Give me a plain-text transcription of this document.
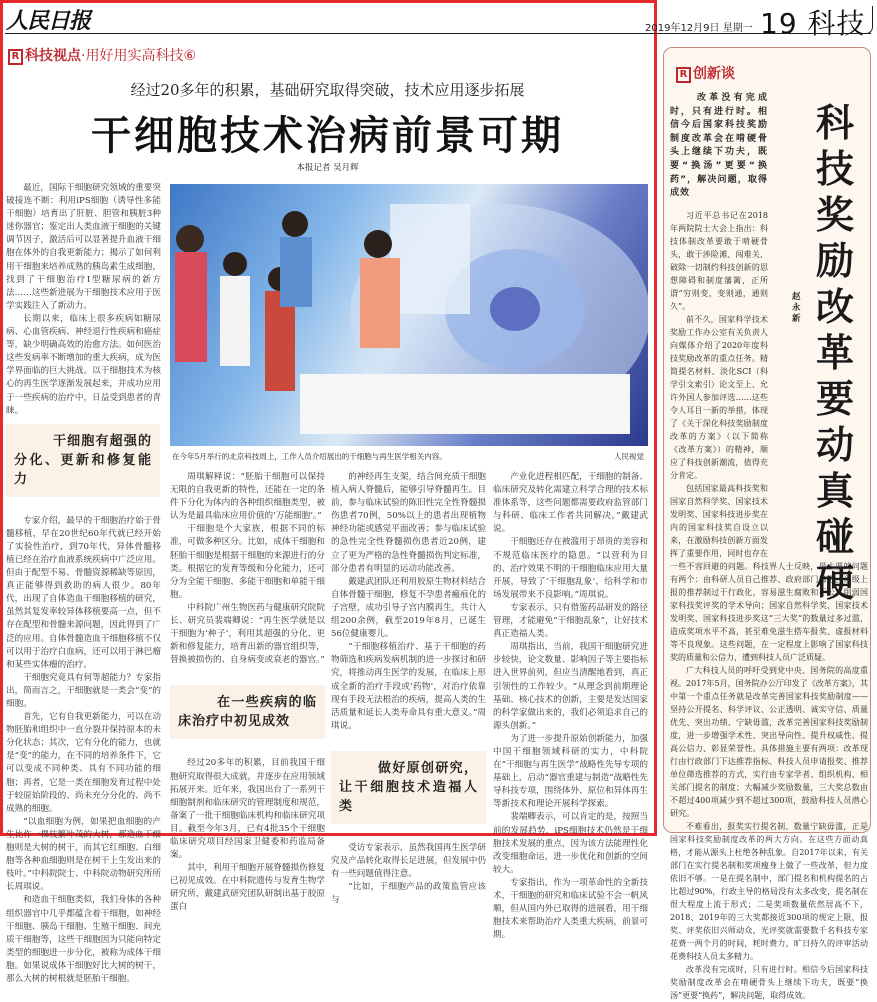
人民日报	2019年12月9日 星期一 19 科技
R 科技视点·用好用实高科技⑥
经过20多年的积累，基础研究取得突破，技术应用逐步拓展
干细胞技术治病前景可期
本报记者 吴月辉

最近，国际干细胞研究领域的重要突破接连不断：利用iPS细胞（诱导性多能干细胞）培育出了肝脏、胆管和胰脏3种迷你器官；鉴定出人类血液干细胞的关键调节因子，激活后可以显著提升血液干细胞在体外的自我更新能力；揭示了如何利用干细胞来培养成熟的胰岛素生成细胞，找到了干细胞治疗Ⅰ型糖尿病的新方法……这些新进展为干细胞技术应用于医学实践注入了新动力。

长期以来，临床上很多疾病如糖尿病、心血管疾病、神经退行性疾病和癌症等，缺少明确高效的治愈方法。如何医治这些发病率不断增加的重大疾病，成为医学界面临的巨大挑战。以干细胞技术为核心的再生医学逐渐发展起来，并成功应用于一些疾病的治疗中，日益受到患者的青睐。

干细胞有超强的分化、更新和修复能力

专家介绍，最早的干细胞治疗始于骨髓移植，早在20世纪60年代就已经开始了实验性治疗，到70年代，异体骨髓移植已经在治疗血液系统疾病中广泛应用。但由于配型不易、骨髓资源稀缺等原因，真正能够得到救助的病人很少。80年代，出现了自体造血干细胞移植的研究，虽然其复发率较异体移植要高一点，但不存在配型和骨髓来源问题，因此得到了广泛的应用。自体骨髓造血干细胞移植不仅可以用于治疗白血病，还可以用于淋巴瘤和某些实体瘤的治疗。

干细胞究竟具有何等超能力？专家指出，简而言之，干细胞就是一类会“变”的细胞。

首先，它有自我更新能力，可以在动物胚胎和组织中一直分裂并保持原本的未分化状态；其次，它有分化的能力，也就是“变”的能力，在不同的培养条件下，它可以变成不同种类、具有不同功能的细胞；再者，它是一类在细胞发育过程中处于较原始阶段的、尚未充分分化的、尚不成熟的细胞。

“以血细胞为例，如果把血细胞的产生比作一棵枝繁叶茂的大树，那造血干细胞则是大树的树干，而其它红细胞、白细胞等各种血细胞则是在树干上生发出来的枝叶。”中科院院士、中科院动物研究所所长周琪说。

和造血干细胞类似，我们身体的各种组织器官中几乎都蕴含着干细胞，如神经干细胞、胰岛干细胞、生殖干细胞、间充质干细胞等，这些干细胞因为只能向特定类型的细胞进一步分化，被称为成体干细胞。如果说成体干细胞好比大树的树干，那么大树的树根就是胚胎干细胞。

在今年5月举行的北京科技周上，工作人员介绍展出的干细胞与再生医学相关内容。	人民视觉

周琪解释说：“胚胎干细胞可以保持无限的自我更新的特性，还能在一定的条件下分化为体内的各种组织细胞类型，被认为是最具临床应用价值的‘万能细胞’。”

干细胞是个大家族，根据不同的标准，可做多种区分。比如，成体干细胞和胚胎干细胞是根据干细胞的来源进行的分类。根据它的发育等级和分化能力，还可分为全能干细胞、多能干细胞和单能干细胞。

中科院广州生物医药与健康研究院院长、研究员裴端卿说：“再生医学就是以干细胞为‘种子’，利用其超强的分化、更新和修复能力，培育出新的器官组织等，替换被损伤的、自身病变或衰老的器官。”

在一些疾病的临床治疗中初见成效

经过20多年的积累，目前我国干细胞研究取得很大成就，并逐步在应用领域拓展开来。近年来，我国出台了一系列干细胞制剂和临床研究的管理制度和规范，备案了一批干细胞临床机构和临床研究项目。截至今年3月，已有4批35个干细胞临床研究项目经国家卫健委和药监局备案。

其中，利用干细胞开展脊髓损伤修复已初见成效。在中科院遗传与发育生物学研究所，戴建武研究团队研制出基于胶原蛋白

的神经再生支架，结合间充质干细胞植入病人脊髓后，能够引导脊髓再生。目前，参与临床试验的陈旧性完全性脊髓损伤患者70例，50%以上的患者出现植物神经功能或感觉平面改善；参与临床试验的急性完全性脊髓损伤患者近20例，建立了更为严格的急性脊髓损伤判定标准，部分患者有明显的运动功能改善。

戴建武团队还利用胶原生物材料结合自体骨髓干细胞，修复不孕患者瘢痕化的子宫壁，成功引导子宫内膜再生，共计入组200余例，截至2019年8月，已诞生56位健康婴儿。

“干细胞移植治疗、基于干细胞的药物筛选和疾病发病机制的进一步探讨和研究，将推动再生医学的发展，在临床上形成全新的治疗手段或‘药物’，对治疗依靠现有手段无法根治的疾病，提高人类的生活质量和延长人类寿命具有重大意义。”周琪说。

做好原创研究，让干细胞技术造福人类

受访专家表示，虽然我国再生医学研究及产品转化取得长足进展，但发展中仍有一些问题值得注意。

“比如，干细胞产品的政策监管应该与

产业化进程相匹配，干细胞的制备、临床研究及转化需建立科学合理的技术标准体系等，这些问题都需要政府监管部门与科研、临床工作者共同解决。”戴建武说。

干细胞还存在被滥用于昂贵的美容和不规范临床医疗的隐患。“以营利为目的、治疗效果不明的干细胞临床应用大量开展，导致了‘干细胞乱象’，给科学和市场发展带来不良影响。”周琪说。

专家表示，只有借鉴药品研发的路径管理，才能避免“干细胞乱象”，让好技术真正造福人类。

周琪指出，当前，我国干细胞研究进步较快，论文数量、影响因子等主要指标进入世界前列，但应当清醒地看到，真正引领性的工作较少。“从理念到前期理论基础、核心技术的创新，主要是发达国家的科学家做出来的，我们必须追求自己的源头创新。”

为了进一步提升原始创新能力，加强中国干细胞领域科研的实力，中科院在“干细胞与再生医学”战略性先导专项的基础上，启动“器官重建与制造”战略性先导科技专项，围绕体外、原位和异体再生等新技术和理论开展科学探索。

裴端卿表示，可以肯定的是，按照当前的发展趋势，iPS细胞技术仍然是干细胞技术发展的重点，因为该方法能理性化改变细胞命运，进一步优化和创新的空间较大。

专家指出，作为一项革命性的全新技术，干细胞的研究和临床试验不会一帆风顺，但从国内外已取得的进展看，用干细胞技术来帮助治疗人类重大疾病，前景可期。

R 创新谈
科技奖励改革要动真碰硬
赵永新
改革没有完成时，只有进行时。相信今后国家科技奖励制度改革会在啃硬骨头上继续下功夫，既要“换汤”更要“换药”，解决问题，取得成效

习近平总书记在2018年两院院士大会上指出：科技体制改革要敢于啃硬骨头，敢于涉险滩、闯难关，破除一切制约科技创新的思想障碍和制度藩篱，正所谓“穷则变，变则通，通则久”。

前不久，国家科学技术奖励工作办公室有关负责人向媒体介绍了2020年度科技奖励改革的重点任务。精简提名材料、淡化SCI（科学引文索引）论文至上、允许外国人参加评选……这些令人耳目一新的举措，体现了《关于深化科技奖励制度改革的方案》（以下简称《改革方案》）的精神，顺应了科技创新潮流，值得充分肯定。

包括国家最高科技奖和国家自然科学奖、国家技术发明奖、国家科技进步奖在内的国家科技奖自设立以来，在激励科技创新方面发挥了重要作用，同时也存在一些不容回避的问题。科技界人士反映，最主要的问题有两个：由科研人员自己推荐、政府部门筛选、逐级上报的推荐制过于行政化，容易滋生腐败和不公，削弱国家科技奖评奖的学术导向；国家自然科学奖、国家技术发明奖、国家科技进步奖这“三大奖”的数量过多过滥，造成奖项水平不高，甚至难免滋生搭车报奖、虚报材料等不良现象。这些问题，在一定程度上影响了国家科技奖的质量和公信力，遭到科技人员广泛质疑。

广大科技人员的呼吁受到党中央、国务院的高度重视。2017年5月，国务院办公厅印发了《改革方案》，其中第一个重点任务就是改革完善国家科技奖励制度——坚持公开提名、科学评议、公正透明、诚实守信、质量优先、突出功绩、宁缺毋滥，改革完善国家科技奖励制度，进一步增强学术性、突出导向性、提升权威性、提高公信力、彰显荣誉性。具体措施主要有两项：改革现行由行政部门下达推荐指标、科技人员申请报奖、推荐单位筛选推荐的方式，实行由专家学者、组织机构、相关部门提名的制度；大幅减少奖励数量，三大奖总数由不超过400项减少到不超过300项，鼓励科技人员潜心研究。

不难看出，报奖实行提名制、数量宁缺毋滥，正是国家科技奖励制度改革的两大方向。在这些方面动真格，才能从源头上杜绝各种乱象。自2017年以来，有关部门在实行提名制和奖项瘦身上做了一些改革，但力度依旧不够。一是在提名制中，部门提名和机构提名的占比超过90%，行政主导的格局没有太多改变，提名制在很大程度上流于形式；二是奖项数量依然居高不下，2018、2019年的三大奖都接近300项的规定上限，报奖、评奖依旧兴师动众，光评奖就需要数千名科技专家花费一两个月的时间，耗时费力，旷日持久的评审活动花费科技人员太多精力。

改革没有完成时，只有进行时。相信今后国家科技奖励制度改革会在啃硬骨头上继续下功夫，既要“换汤”更要“换药”，解决问题，取得成效。
